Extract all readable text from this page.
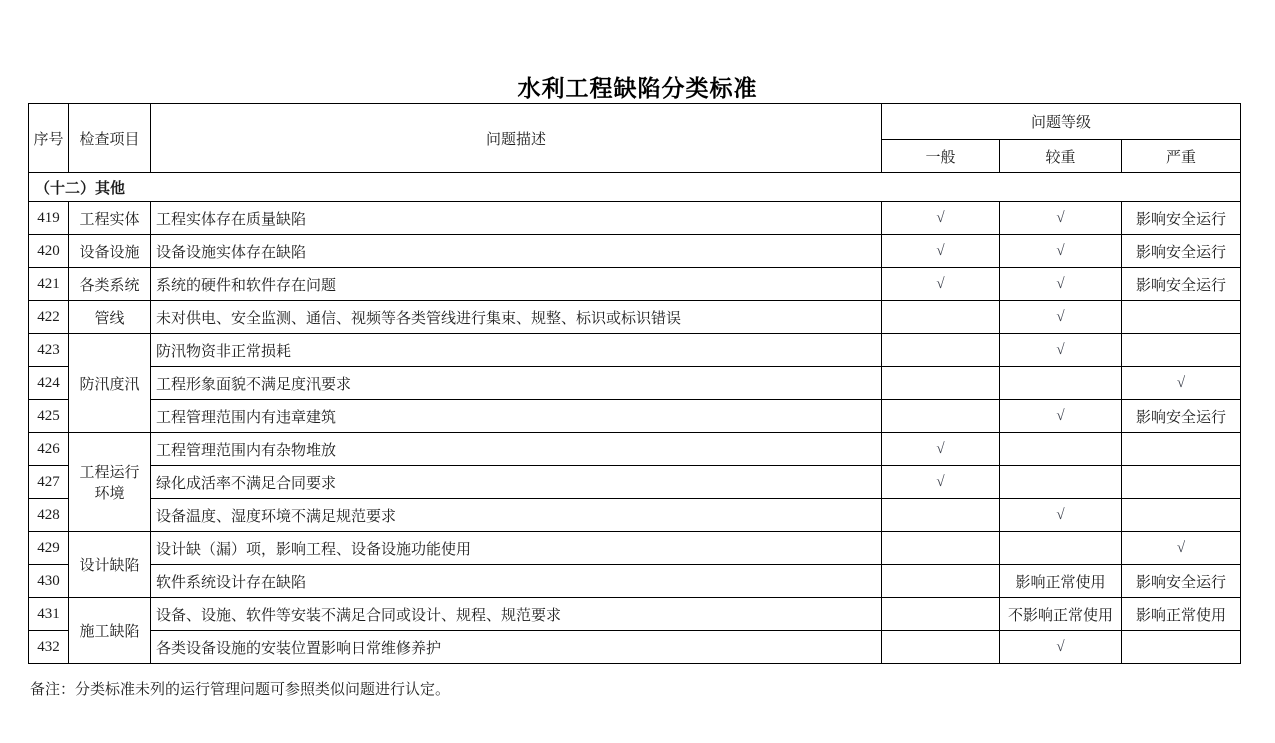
水利工程缺陷分类标准
序号	检查项目	问题描述	问题等级		
			一般	较重	严重
（十二）其他					
419	工程实体	工程实体存在质量缺陷	√	√	影响安全运行
420	设备设施	设备设施实体存在缺陷	√	√	影响安全运行
421	各类系统	系统的硬件和软件存在问题	√	√	影响安全运行
422	管线	未对供电、安全监测、通信、视频等各类管线进行集束、规整、标识或标识错误		√	
423	防汛度汛	防汛物资非正常损耗		√	
424		工程形象面貌不满足度汛要求			√
425		工程管理范围内有违章建筑		√	影响安全运行
426	工程运行环境	工程管理范围内有杂物堆放	√		
427		绿化成活率不满足合同要求	√		
428		设备温度、湿度环境不满足规范要求		√	
429	设计缺陷	设计缺（漏）项，影响工程、设备设施功能使用			√
430		软件系统设计存在缺陷		影响正常使用	影响安全运行
431	施工缺陷	设备、设施、软件等安装不满足合同或设计、规程、规范要求		不影响正常使用	影响正常使用
432		各类设备设施的安装位置影响日常维修养护		√	

备注：分类标准未列的运行管理问题可参照类似问题进行认定。
